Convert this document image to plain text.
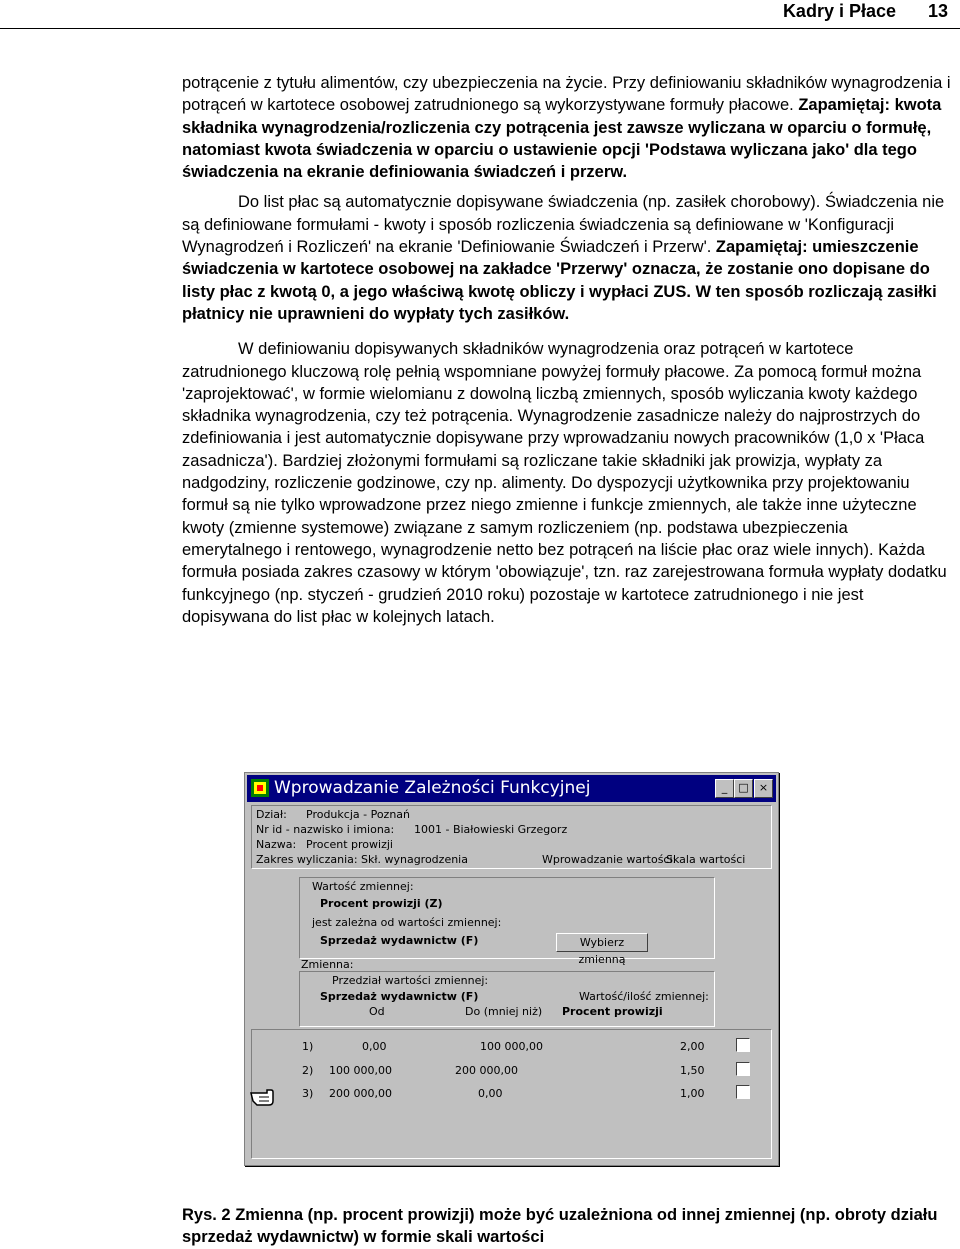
Kadry i Płace 13

potrącenie z tytułu alimentów, czy ubezpieczenia na życie. Przy definiowaniu składników wynagrodzenia i potrąceń w kartotece osobowej zatrudnionego są wykorzystywane formuły płacowe. Zapamiętaj: kwota składnika wynagrodzenia/rozliczenia czy potrącenia jest zawsze wyliczana w oparciu o formułę, natomiast kwota świadczenia w oparciu o ustawienie opcji 'Podstawa wyliczana jako' dla tego świadczenia na ekranie definiowania świadczeń i przerw.

Do list płac są automatycznie dopisywane świadczenia (np. zasiłek chorobowy). Świadczenia nie są definiowane formułami - kwoty i sposób rozliczenia świadczenia są definiowane w 'Konfiguracji Wynagrodzeń i Rozliczeń' na ekranie 'Definiowanie Świadczeń i Przerw'. Zapamiętaj: umieszczenie świadczenia w kartotece osobowej na zakładce 'Przerwy' oznacza, że zostanie ono dopisane do listy płac z kwotą 0, a jego właściwą kwotę obliczy i wypłaci ZUS. W ten sposób rozliczają zasiłki płatnicy nie uprawnieni do wypłaty tych zasiłków.

W definiowaniu dopisywanych składników wynagrodzenia oraz potrąceń w kartotece zatrudnionego kluczową rolę pełnią wspomniane powyżej formuły płacowe. Za pomocą formuł można 'zaprojektować', w formie wielomianu z dowolną liczbą zmiennych, sposób wyliczania kwoty każdego składnika wynagrodzenia, czy też potrącenia. Wynagrodzenie zasadnicze należy do najprostrzych do zdefiniowania i jest automatycznie dopisywane przy wprowadzaniu nowych pracowników (1,0 x 'Płaca zasadnicza'). Bardziej złożonymi formułami są rozliczane takie składniki jak prowizja, wypłaty za nadgodziny, rozliczenie godzinowe, czy np. alimenty. Do dyspozycji użytkownika przy projektowaniu formuł są nie tylko wprowadzone przez niego zmienne i funkcje zmiennych, ale także inne użyteczne kwoty (zmienne systemowe) związane z samym rozliczeniem (np. podstawa ubezpieczenia emerytalnego i rentowego, wynagrodzenie netto bez potrąceń na liście płac oraz wiele innych). Każda formuła posiada zakres czasowy w którym 'obowiązuje', tzn. raz zarejestrowana formuła wypłaty dodatku funkcyjnego (np. styczeń - grudzień 2010 roku) pozostaje w kartotece zatrudnionego i nie jest dopisywana do list płac w kolejnych latach.

Wprowadzanie Zależności Funkcyjnej	_	□ ×
Dział: Produkcja - Poznań
Nr id - nazwisko i imiona: 1001 - Białowieski Grzegorz
Nazwa: Procent prowizji
Zakres wyliczania: Skł. wynagrodzenia	Wprowadzanie wartości:
Skala wartości
Wartość zmiennej:
Procent prowizji (Z)
jest zależna od wartości zmiennej:
Sprzedaż wydawnictw (F)	Wybierz zmienną
Zmienna:
Przedział wartości zmiennej:
Sprzedaż wydawnictw (F)	Wartość/ilość zmiennej:
Od	Do (mniej niż) Procent prowizji
1)	0,00	100 000,00	2,00
2) 100 000,00	200 000,00	1,50
3) 200 000,00	0,00	1,00
Rys. 2 Zmienna (np. procent prowizji) może być uzależniona od innej zmiennej (np. obroty działu sprzedaż wydawnictw) w formie skali wartości
